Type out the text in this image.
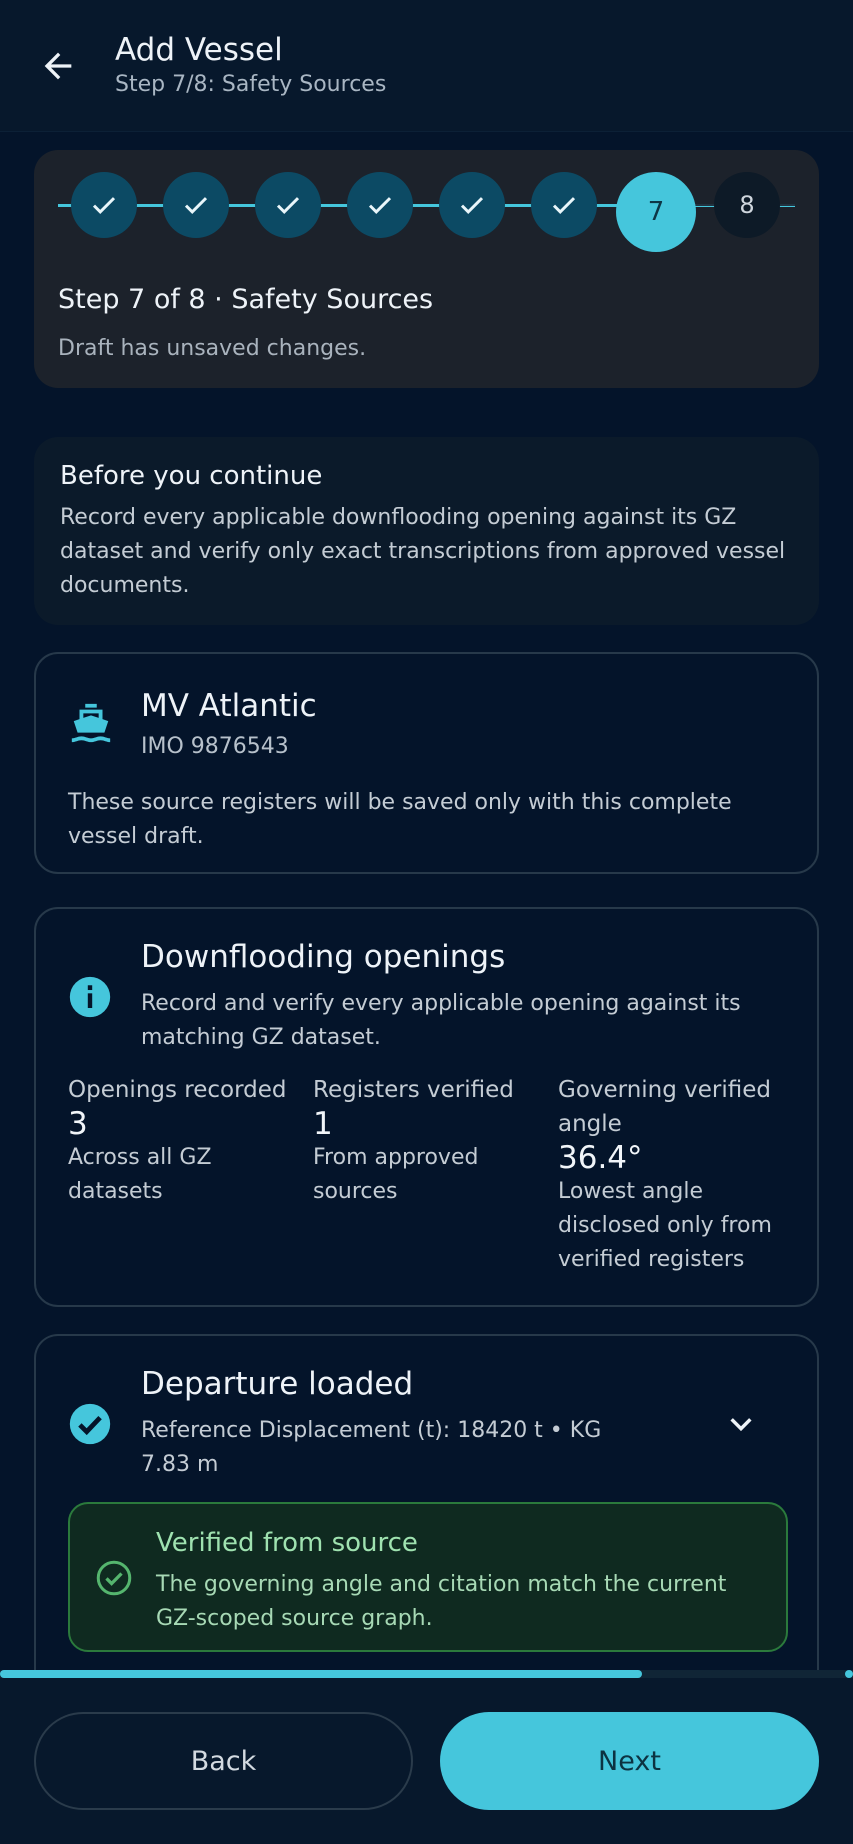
Add Vessel
Step 7/8: Safety Sources
7	8
Step 7 of 8 · Safety Sources
Draft has unsaved changes.
Before you continue

Record every applicable downflooding opening against its GZ dataset and verify only exact transcriptions from approved vessel documents.

MV Atlantic
IMO 9876543
These source registers will be saved only with this complete vessel draft.
Downflooding openings
Record and verify every applicable opening against its matching GZ dataset.
Openings recorded
3
Across all GZ datasets
Registers verified
1
From approved sources
Governing verified angle
36.4°
Lowest angle disclosed only from verified registers
Departure loaded
Reference Displacement (t): 18420 t • KG 7.83 m
Verified from source
The governing angle and citation match the current GZ-scoped source graph.
Back	Next
